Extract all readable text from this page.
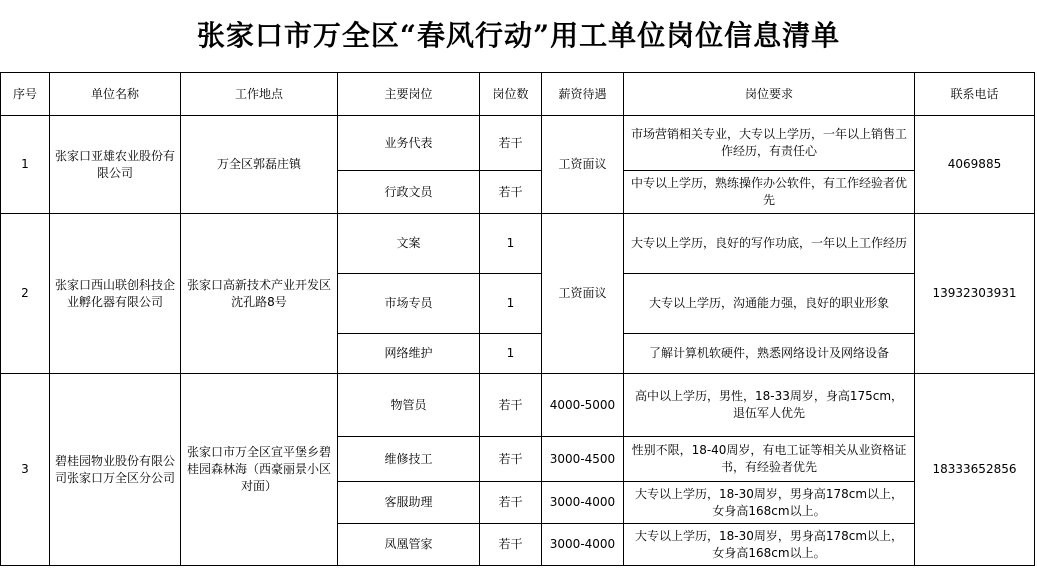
张家口市万全区“春风行动”用工单位岗位信息清单
序号	单位名称	工作地点	主要岗位	岗位数	薪资待遇	岗位要求	联系电话
1	张家口亚雄农业股份有限公司	万全区郭磊庄镇	业务代表	若干	工资面议	市场营销相关专业，大专以上学历，一年以上销售工作经历，有责任心	4069885
			行政文员	若干		中专以上学历，熟练操作办公软件，有工作经验者优先	
2	张家口西山联创科技企业孵化器有限公司	张家口高新技术产业开发区沈孔路8号	文案	1	工资面议	大专以上学历，良好的写作功底，一年以上工作经历	13932303931
			市场专员	1		大专以上学历，沟通能力强，良好的职业形象	
			网络维护	1		了解计算机软硬件，熟悉网络设计及网络设备	
3	碧桂园物业股份有限公司张家口万全区分公司	张家口市万全区宣平堡乡碧桂园森林海（西豪丽景小区对面）	物管员	若干	4000-5000	高中以上学历，男性，18-33周岁，身高175cm，退伍军人优先	18333652856
			维修技工	若干	3000-4500	性别不限，18-40周岁，有电工证等相关从业资格证书，有经验者优先	
			客服助理	若干	3000-4000	大专以上学历，18-30周岁，男身高178cm以上，女身高168cm以上。	
			凤凰管家	若干	3000-4000	大专以上学历，18-30周岁，男身高178cm以上，女身高168cm以上。	
